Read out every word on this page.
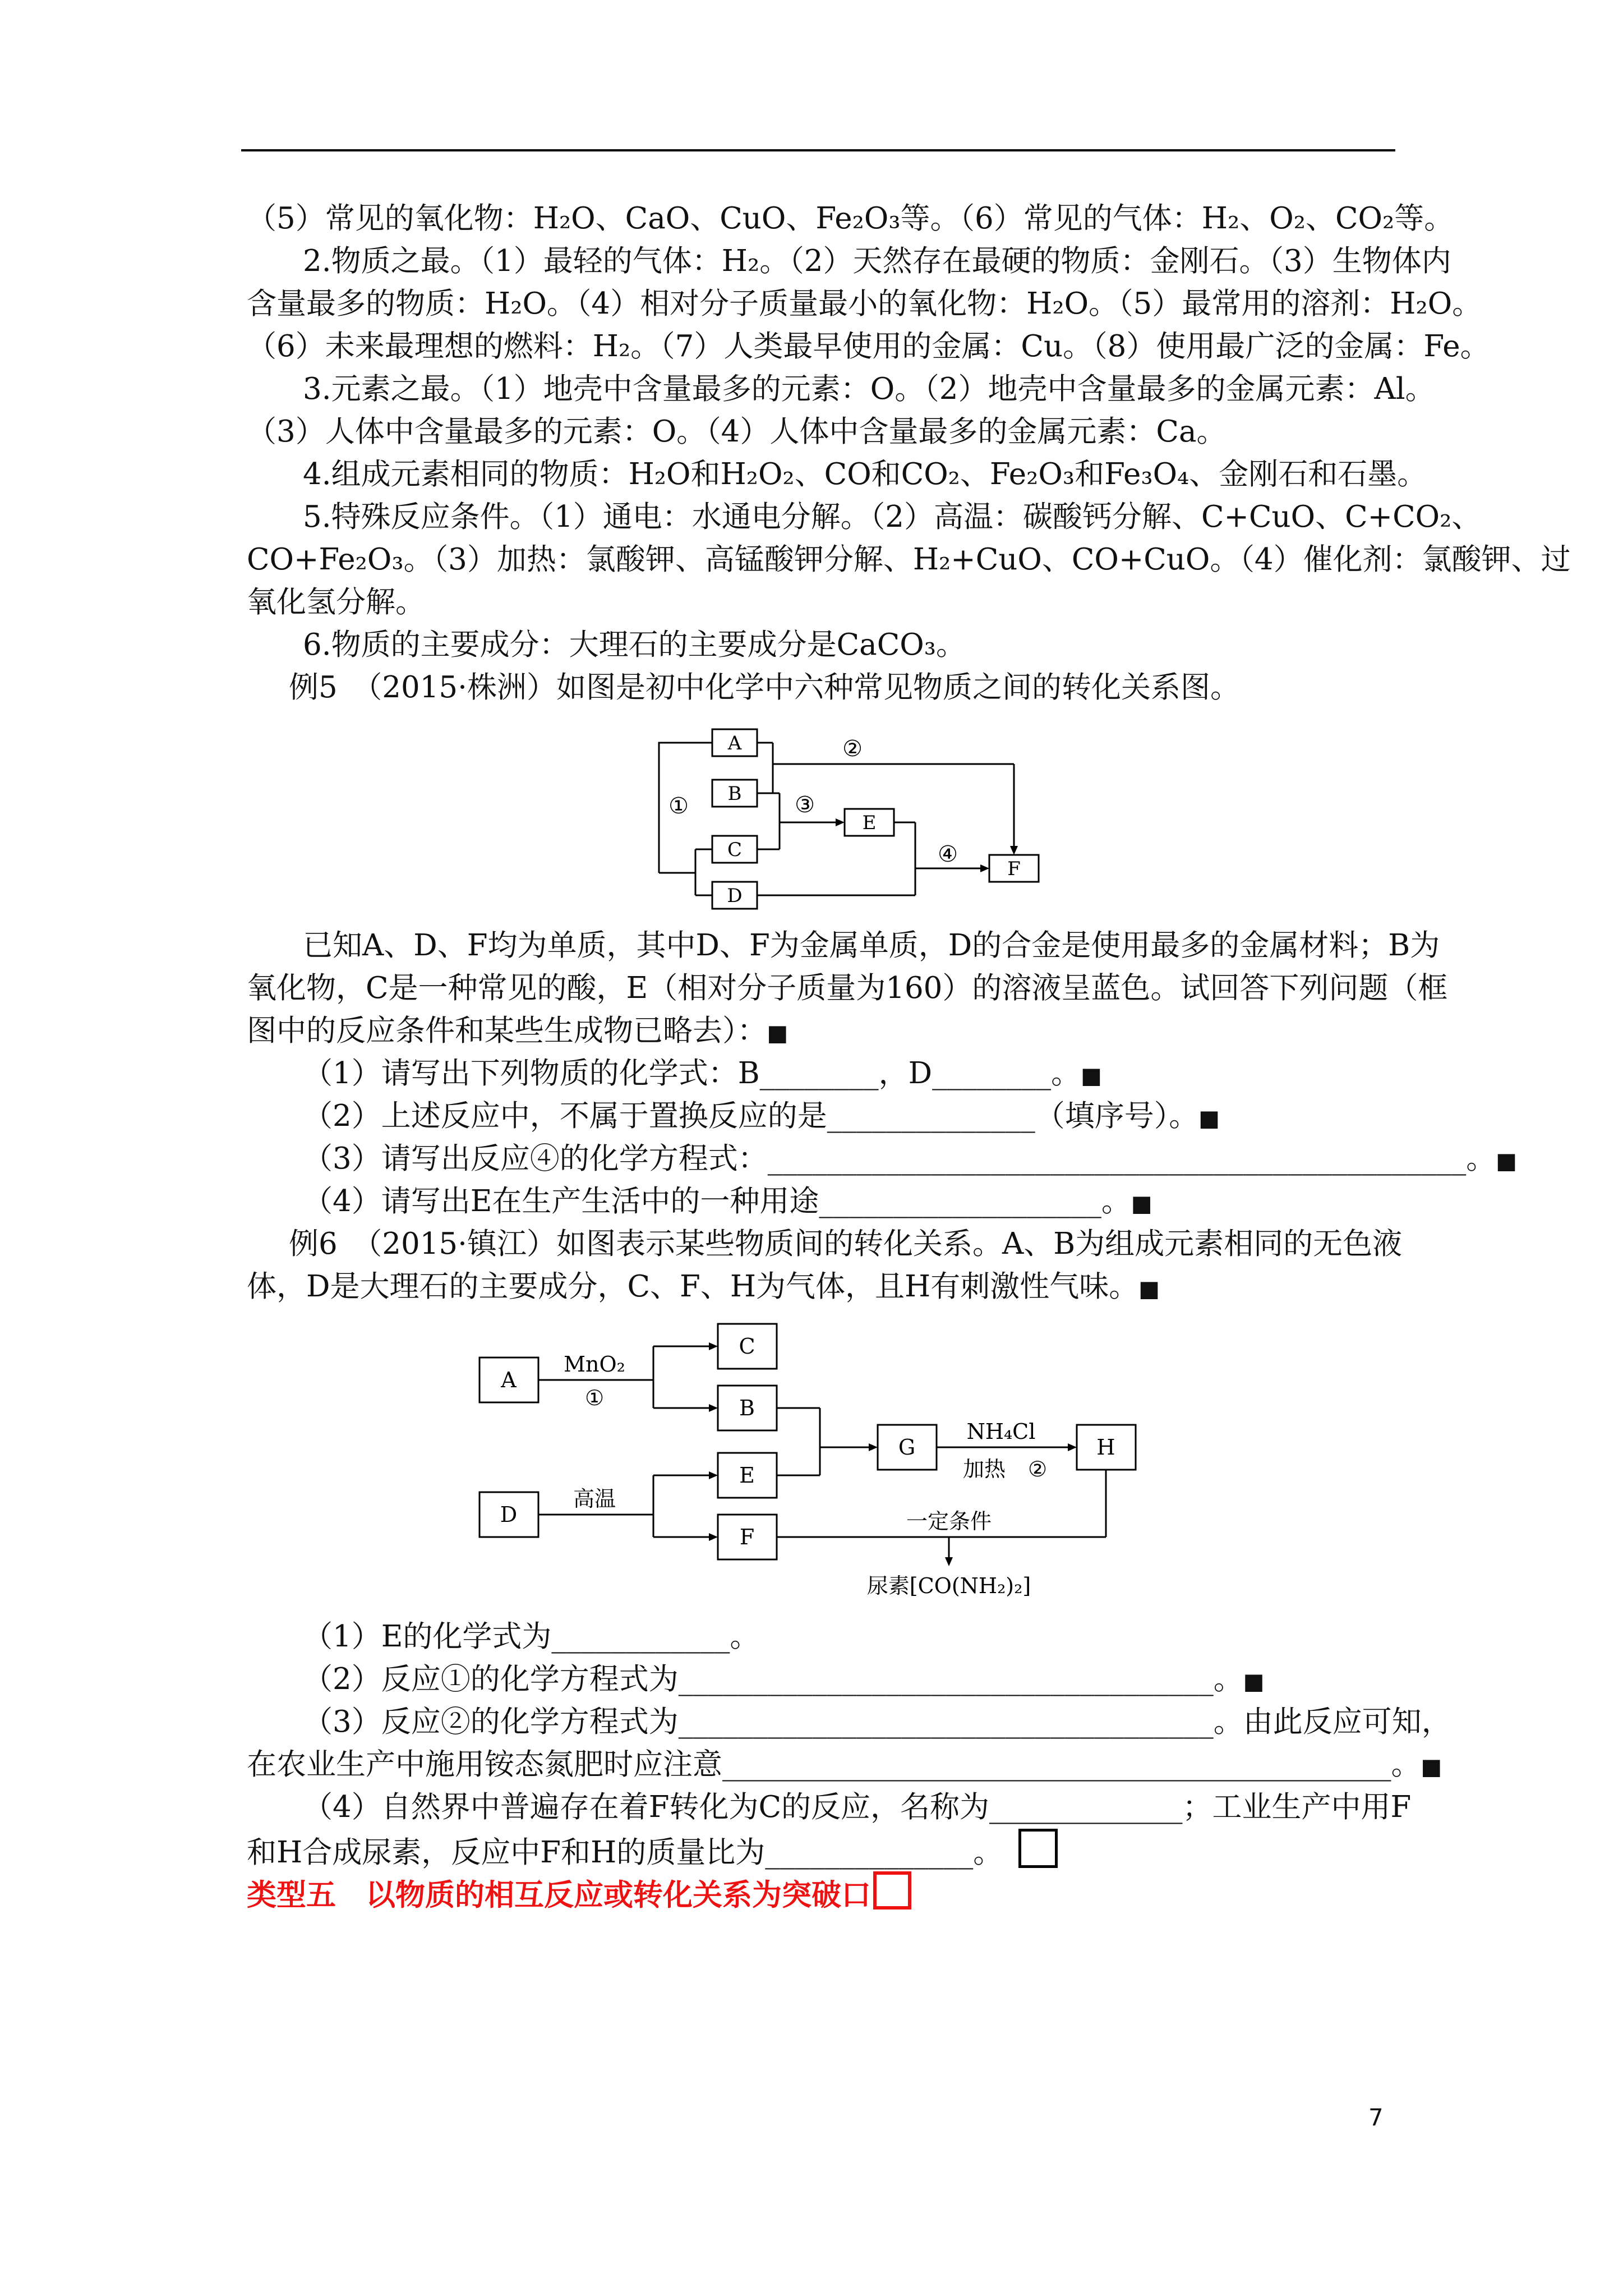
（5）常见的氧化物：H₂O、CaO、CuO、Fe₂O₃等。（6）常见的气体：H₂、O₂、CO₂等。
2.物质之最。（1）最轻的气体：H₂。（2）天然存在最硬的物质：金刚石。（3）生物体内
含量最多的物质：H₂O。（4）相对分子质量最小的氧化物：H₂O。（5）最常用的溶剂：H₂O。
（6）未来最理想的燃料：H₂。（7）人类最早使用的金属：Cu。（8）使用最广泛的金属：Fe。
3.元素之最。（1）地壳中含量最多的元素：O。（2）地壳中含量最多的金属元素：Al。
（3）人体中含量最多的元素：O。（4）人体中含量最多的金属元素：Ca。
4.组成元素相同的物质：H₂O和H₂O₂、CO和CO₂、Fe₂O₃和Fe₃O₄、金刚石和石墨。
5.特殊反应条件。（1）通电：水通电分解。（2）高温：碳酸钙分解、C+CuO、C+CO₂、
CO+Fe₂O₃。（3）加热：氯酸钾、高锰酸钾分解、H₂+CuO、CO+CuO。（4）催化剂：氯酸钾、过
氧化氢分解。
6.物质的主要成分：大理石的主要成分是CaCO₃。
例5　（2015·株洲）如图是初中化学中六种常见物质之间的转化关系图。
A
B
C
D
E
F
①
②
③
④
已知A、D、F均为单质，其中D、F为金属单质，D的合金是使用最多的金属材料；B为
氧化物，C是一种常见的酸，E（相对分子质量为160）的溶液呈蓝色。试回答下列问题（框
图中的反应条件和某些生成物已略去）：■
（1）请写出下列物质的化学式：B________，D________。■
（2）上述反应中，不属于置换反应的是______________（填序号）。■
（3）请写出反应④的化学方程式：_______________________________________________。■
（4）请写出E在生产生活中的一种用途___________________。■
例6　（2015·镇江）如图表示某些物质间的转化关系。A、B为组成元素相同的无色液
体，D是大理石的主要成分，C、F、H为气体，且H有刺激性气味。■
A
B
C
D
E
F
G	H
MnO₂
①
高温
NH₄Cl
加热 ②
一定条件
尿素[CO(NH₂)₂]
（1）E的化学式为____________。
（2）反应①的化学方程式为____________________________________。■
（3）反应②的化学方程式为____________________________________。由此反应可知，
在农业生产中施用铵态氮肥时应注意_____________________________________________。■
（4）自然界中普遍存在着F转化为C的反应，名称为_____________；工业生产中用F
和H合成尿素，反应中F和H的质量比为______________。
类型五　以物质的相互反应或转化关系为突破口
7
